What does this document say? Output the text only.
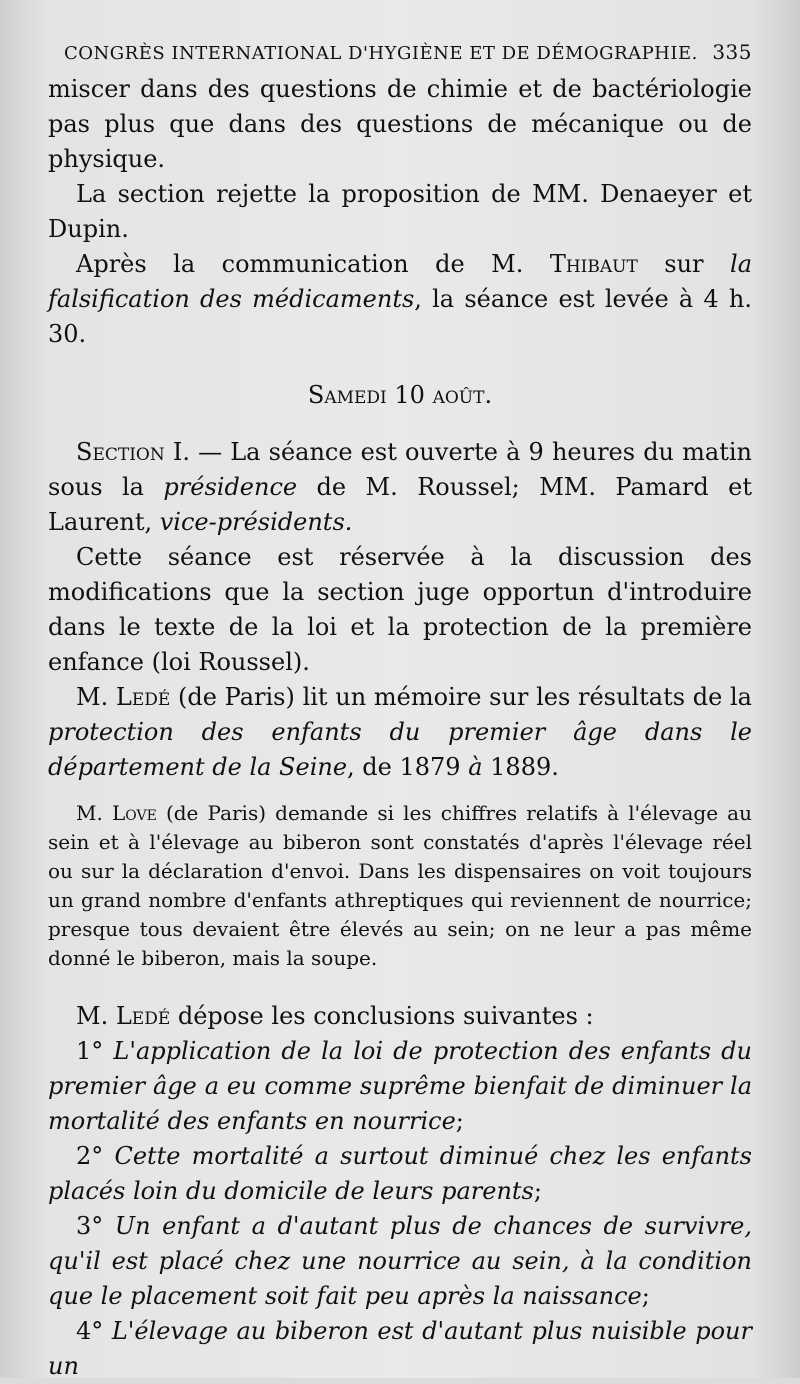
CONGRÈS INTERNATIONAL D'HYGIÈNE ET DE DÉMOGRAPHIE. 335

miscer dans des questions de chimie et de bactériologie pas plus que dans des questions de mécanique ou de physique.

La section rejette la proposition de MM. Denaeyer et Dupin.

Après la communication de M. Thibaut sur la falsification des médicaments, la séance est levée à 4 h. 30.

Samedi 10 août.

Section I. — La séance est ouverte à 9 heures du matin sous la présidence de M. Roussel; MM. Pamard et Laurent, vice-présidents.

Cette séance est réservée à la discussion des modifications que la section juge opportun d'introduire dans le texte de la loi et la protection de la première enfance (loi Roussel).

M. Ledé (de Paris) lit un mémoire sur les résultats de la protection des enfants du premier âge dans le département de la Seine, de 1879 à 1889.

M. Love (de Paris) demande si les chiffres relatifs à l'élevage au sein et à l'élevage au biberon sont constatés d'après l'élevage réel ou sur la déclaration d'envoi. Dans les dispensaires on voit toujours un grand nombre d'enfants athreptiques qui reviennent de nourrice; presque tous devaient être élevés au sein; on ne leur a pas même donné le biberon, mais la soupe.

M. Ledé dépose les conclusions suivantes :

1° L'application de la loi de protection des enfants du premier âge a eu comme suprême bienfait de diminuer la mortalité des enfants en nourrice;

2° Cette mortalité a surtout diminué chez les enfants placés loin du domicile de leurs parents;

3° Un enfant a d'autant plus de chances de survivre, qu'il est placé chez une nourrice au sein, à la condition que le placement soit fait peu après la naissance;

4° L'élevage au biberon est d'autant plus nuisible pour un
